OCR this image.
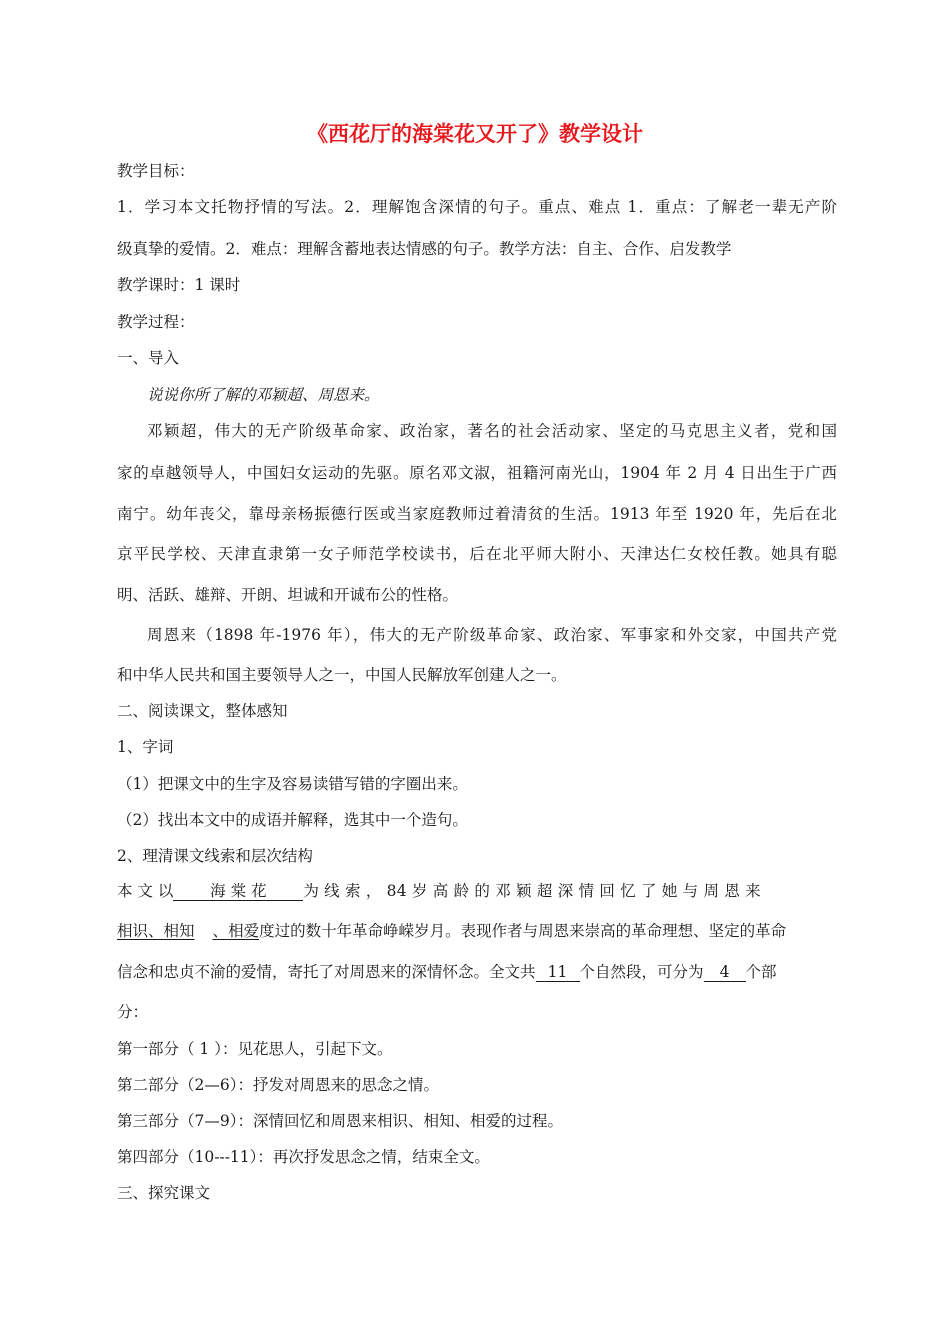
《西花厅的海棠花又开了》教学设计
教学目标：
1．学习本文托物抒情的写法。2．理解饱含深情的句子。重点、难点 1．重点：了解老一辈无产阶
级真挚的爱情。2．难点：理解含蓄地表达情感的句子。教学方法：自主、合作、启发教学
教学课时：1 课时
教学过程：
一、导入
说说你所了解的邓颖超、周恩来。
邓颖超，伟大的无产阶级革命家、政治家，著名的社会活动家、坚定的马克思主义者，党和国
家的卓越领导人，中国妇女运动的先驱。原名邓文淑，祖籍河南光山，1904 年 2 月 4 日出生于广西
南宁。幼年丧父，靠母亲杨振德行医或当家庭教师过着清贫的生活。1913 年至 1920 年，先后在北
京平民学校、天津直隶第一女子师范学校读书，后在北平师大附小、天津达仁女校任教。她具有聪
明、活跃、雄辩、开朗、坦诚和开诚布公的性格。
周恩来（1898 年-1976 年），伟大的无产阶级革命家、政治家、军事家和外交家，中国共产党
和中华人民共和国主要领导人之一，中国人民解放军创建人之一。
二、阅读课文，整体感知
1、字词
（1）把课文中的生字及容易读错写错的字圈出来。
（2）找出本文中的成语并解释，选其中一个造句。
2、理清课文线索和层次结构
本 文 以 海 棠 花 为 线 索 ， 84 岁 高 龄 的 邓 颖 超 深 情 回 忆 了 她 与 周 恩 来
相识、相知 、相爱度过的数十年革命峥嵘岁月。表现作者与周恩来崇高的革命理想、坚定的革命
信念和忠贞不渝的爱情，寄托了对周恩来的深情怀念。全文共 11 个自然段，可分为 4 个部
分：
第一部分（ 1 ）：见花思人，引起下文。
第二部分（2—6）：抒发对周恩来的思念之情。
第三部分（7—9）：深情回忆和周恩来相识、相知、相爱的过程。
第四部分（10---11）：再次抒发思念之情，结束全文。
三、探究课文
